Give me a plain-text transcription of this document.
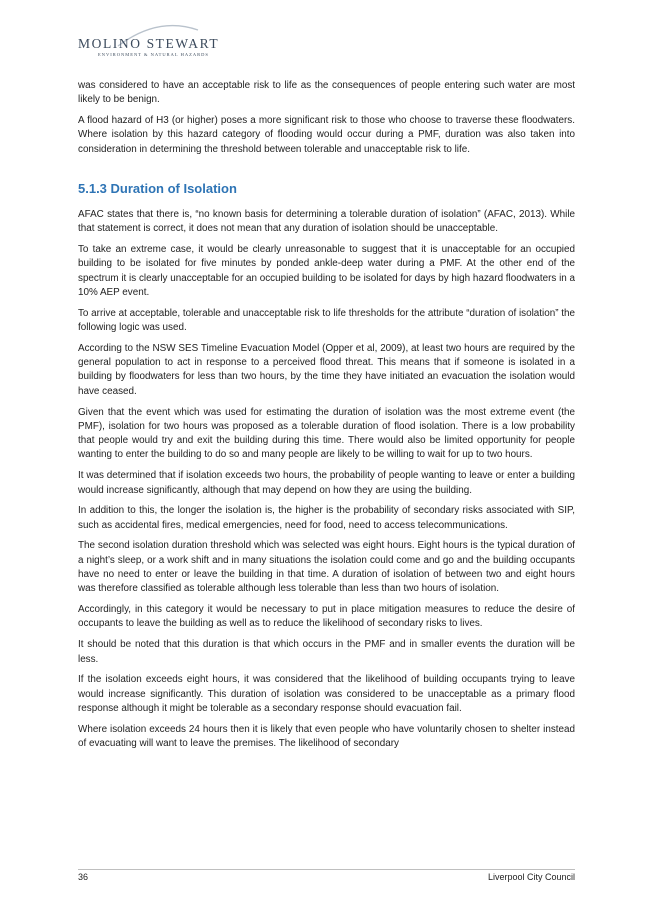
MOLINO STEWART
ENVIRONMENT & NATURAL HAZARDS

was considered to have an acceptable risk to life as the consequences of people entering such water are most likely to be benign.

A flood hazard of H3 (or higher) poses a more significant risk to those who choose to traverse these floodwaters. Where isolation by this hazard category of flooding would occur during a PMF, duration was also taken into consideration in determining the threshold between tolerable and unacceptable risk to life.

5.1.3 Duration of Isolation

AFAC states that there is, “no known basis for determining a tolerable duration of isolation” (AFAC, 2013). While that statement is correct, it does not mean that any duration of isolation should be unacceptable.

To take an extreme case, it would be clearly unreasonable to suggest that it is unacceptable for an occupied building to be isolated for five minutes by ponded ankle-deep water during a PMF. At the other end of the spectrum it is clearly unacceptable for an occupied building to be isolated for days by high hazard floodwaters in a 10% AEP event.

To arrive at acceptable, tolerable and unacceptable risk to life thresholds for the attribute “duration of isolation” the following logic was used.

According to the NSW SES Timeline Evacuation Model (Opper et al, 2009), at least two hours are required by the general population to act in response to a perceived flood threat. This means that if someone is isolated in a building by floodwaters for less than two hours, by the time they have initiated an evacuation the isolation would have ceased.

Given that the event which was used for estimating the duration of isolation was the most extreme event (the PMF), isolation for two hours was proposed as a tolerable duration of flood isolation. There is a low probability that people would try and exit the building during this time. There would also be limited opportunity for people wanting to enter the building to do so and many people are likely to be willing to wait for up to two hours.

It was determined that if isolation exceeds two hours, the probability of people wanting to leave or enter a building would increase significantly, although that may depend on how they are using the building.

In addition to this, the longer the isolation is, the higher is the probability of secondary risks associated with SIP, such as accidental fires, medical emergencies, need for food, need to access telecommunications.

The second isolation duration threshold which was selected was eight hours. Eight hours is the typical duration of a night’s sleep, or a work shift and in many situations the isolation could come and go and the building occupants have no need to enter or leave the building in that time. A duration of isolation of between two and eight hours was therefore classified as tolerable although less tolerable than less than two hours of isolation.

Accordingly, in this category it would be necessary to put in place mitigation measures to reduce the desire of occupants to leave the building as well as to reduce the likelihood of secondary risks to lives.

It should be noted that this duration is that which occurs in the PMF and in smaller events the duration will be less.

If the isolation exceeds eight hours, it was considered that the likelihood of building occupants trying to leave would increase significantly. This duration of isolation was considered to be unacceptable as a primary flood response although it might be tolerable as a secondary response should evacuation fail.

Where isolation exceeds 24 hours then it is likely that even people who have voluntarily chosen to shelter instead of evacuating will want to leave the premises. The likelihood of secondary

36	Liverpool City Council
